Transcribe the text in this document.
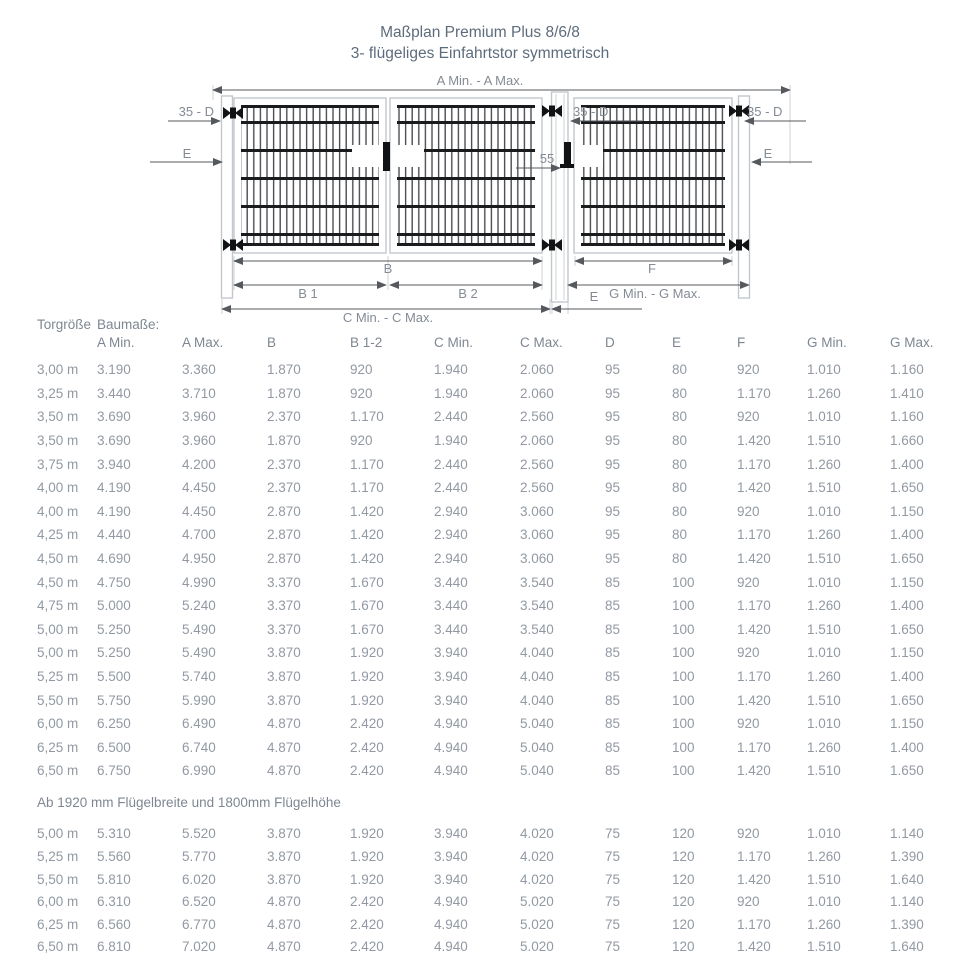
Maßplan Premium Plus 8/6/8
3- flügeliges Einfahrtstor symmetrisch
A Min. - A Max.
35 - D	35 - D	35 - D
E	E
55
B	F
B 1	B 2	G Min. - G Max.
C Min. - C Max.
E
Torgröße	Baumaße:										
	A Min.	A Max.	B	B 1-2	C Min.	C Max.	D	E	F	G Min.	G Max.

3,00 m	3.190	3.360	1.870	920	1.940	2.060	95	80	920	1.010	1.160
3,25 m	3.440	3.710	1.870	920	1.940	2.060	95	80	1.170	1.260	1.410
3,50 m	3.690	3.960	2.370	1.170	2.440	2.560	95	80	920	1.010	1.160
3,50 m	3.690	3.960	1.870	920	1.940	2.060	95	80	1.420	1.510	1.660
3,75 m	3.940	4.200	2.370	1.170	2.440	2.560	95	80	1.170	1.260	1.400
4,00 m	4.190	4.450	2.370	1.170	2.440	2.560	95	80	1.420	1.510	1.650
4,00 m	4.190	4.450	2.870	1.420	2.940	3.060	95	80	920	1.010	1.150
4,25 m	4.440	4.700	2.870	1.420	2.940	3.060	95	80	1.170	1.260	1.400
4,50 m	4.690	4.950	2.870	1.420	2.940	3.060	95	80	1.420	1.510	1.650
4,50 m	4.750	4.990	3.370	1.670	3.440	3.540	85	100	920	1.010	1.150
4,75 m	5.000	5.240	3.370	1.670	3.440	3.540	85	100	1.170	1.260	1.400
5,00 m	5.250	5.490	3.370	1.670	3.440	3.540	85	100	1.420	1.510	1.650
5,00 m	5.250	5.490	3.870	1.920	3.940	4.040	85	100	920	1.010	1.150
5,25 m	5.500	5.740	3.870	1.920	3.940	4.040	85	100	1.170	1.260	1.400
5,50 m	5.750	5.990	3.870	1.920	3.940	4.040	85	100	1.420	1.510	1.650
6,00 m	6.250	6.490	4.870	2.420	4.940	5.040	85	100	920	1.010	1.150
6,25 m	6.500	6.740	4.870	2.420	4.940	5.040	85	100	1.170	1.260	1.400
6,50 m	6.750	6.990	4.870	2.420	4.940	5.040	85	100	1.420	1.510	1.650
Ab 1920 mm Flügelbreite und 1800mm Flügelhöhe											
5,00 m	5.310	5.520	3.870	1.920	3.940	4.020	75	120	920	1.010	1.140
5,25 m	5.560	5.770	3.870	1.920	3.940	4.020	75	120	1.170	1.260	1.390
5,50 m	5.810	6.020	3.870	1.920	3.940	4.020	75	120	1.420	1.510	1.640
6,00 m	6.310	6.520	4.870	2.420	4.940	5.020	75	120	920	1.010	1.140
6,25 m	6.560	6.770	4.870	2.420	4.940	5.020	75	120	1.170	1.260	1.390
6,50 m	6.810	7.020	4.870	2.420	4.940	5.020	75	120	1.420	1.510	1.640
